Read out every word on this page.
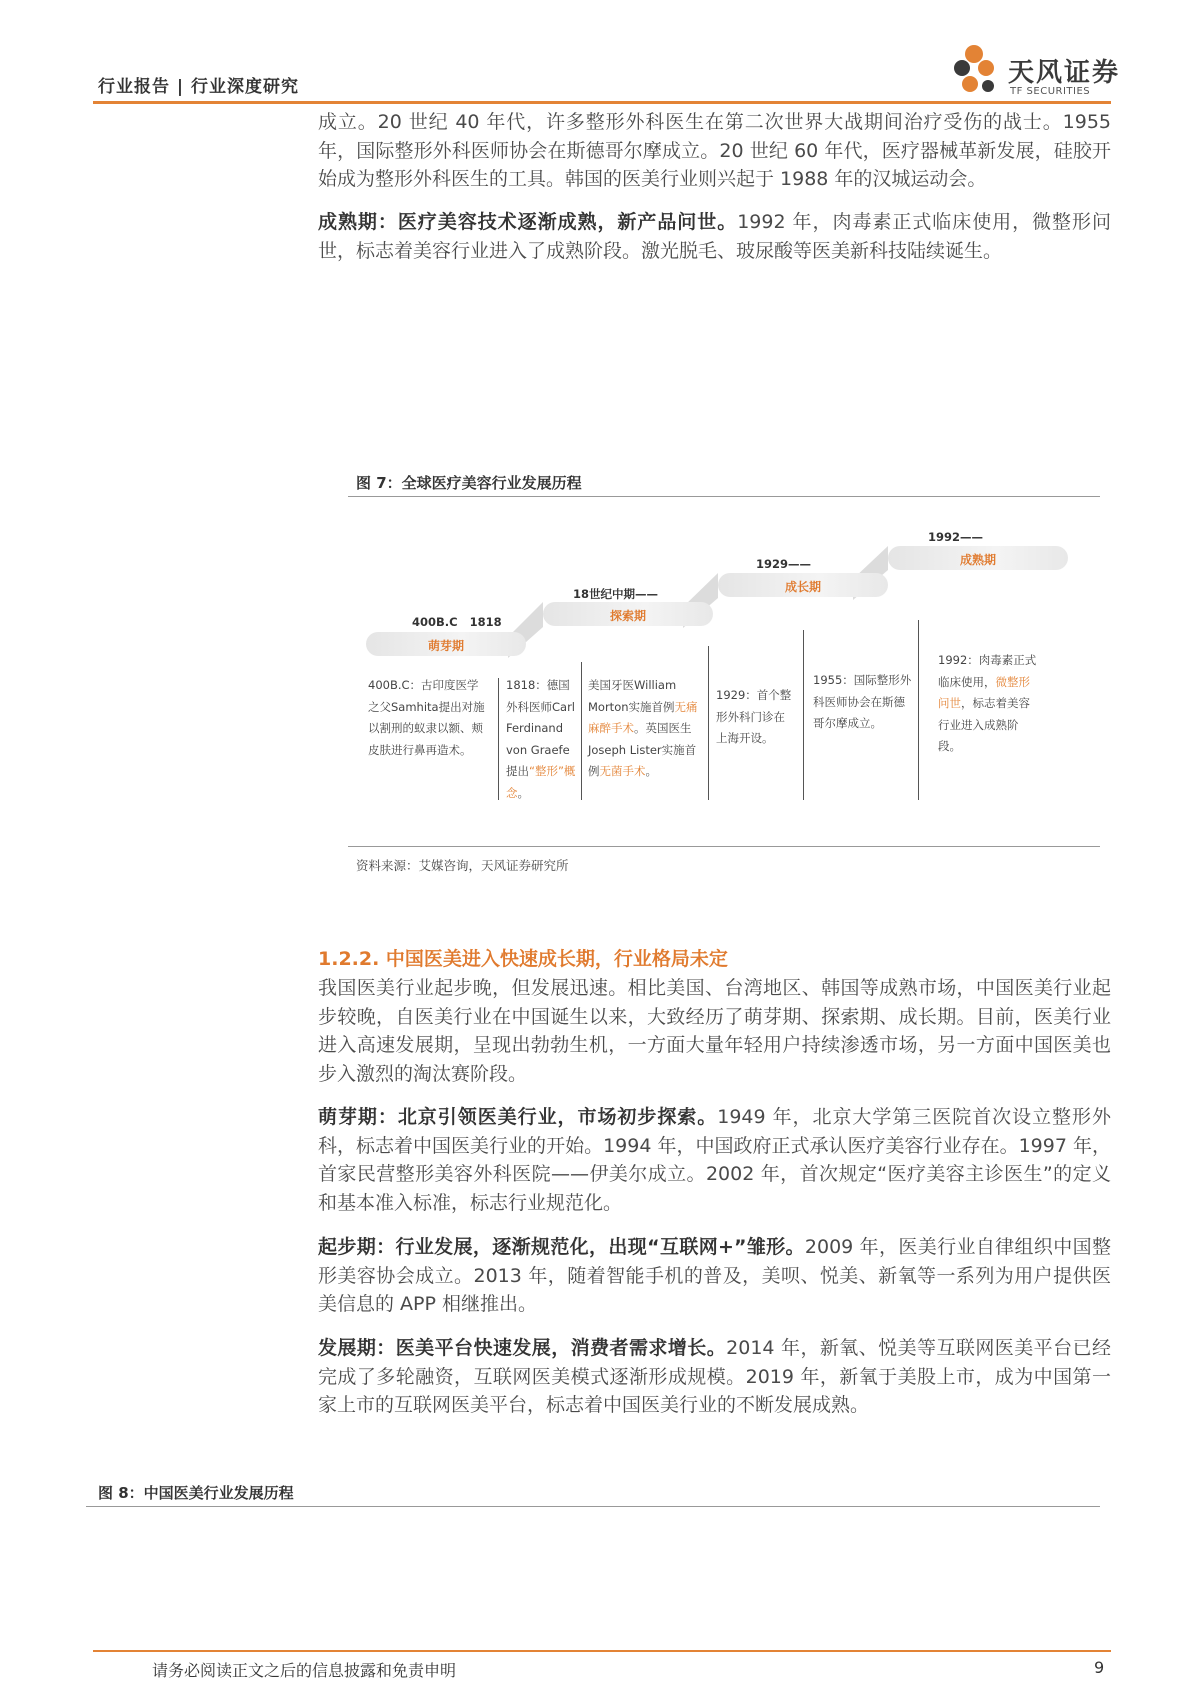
行业报告 | 行业深度研究	天风证券
TF SECURITIES
成立。20 世纪 40 年代，许多整形外科医生在第二次世界大战期间治疗受伤的战士。1955 年，国际整形外科医师协会在斯德哥尔摩成立。20 世纪 60 年代，医疗器械革新发展，硅胶开始成为整形外科医生的工具。韩国的医美行业则兴起于 1988 年的汉城运动会。
成熟期：医疗美容技术逐渐成熟，新产品问世。1992 年，肉毒素正式临床使用，微整形问世，标志着美容行业进入了成熟阶段。激光脱毛、玻尿酸等医美新科技陆续诞生。
图 7：全球医疗美容行业发展历程
400B.C   1818
萌芽期
18世纪中期——
探索期
1929——
成长期
1992——
成熟期
400B.C：古印度医学之父Samhita提出对施以割刑的蚁隶以额、颊皮肤进行鼻再造术。
1818：德国外科医师Carl Ferdinand von Graefe提出“整形”概念。
美国牙医William Morton实施首例无痛麻醉手术。英国医生Joseph Lister实施首例无菌手术。
1929：首个整形外科门诊在上海开设。
1955：国际整形外科医师协会在斯德哥尔摩成立。
1992：肉毒素正式临床使用，微整形问世，标志着美容行业进入成熟阶段。
资料来源：艾媒咨询，天风证券研究所
1.2.2. 中国医美进入快速成长期，行业格局未定
我国医美行业起步晚，但发展迅速。相比美国、台湾地区、韩国等成熟市场，中国医美行业起步较晚，自医美行业在中国诞生以来，大致经历了萌芽期、探索期、成长期。目前，医美行业进入高速发展期，呈现出勃勃生机，一方面大量年轻用户持续渗透市场，另一方面中国医美也步入激烈的淘汰赛阶段。
萌芽期：北京引领医美行业，市场初步探索。1949 年，北京大学第三医院首次设立整形外科，标志着中国医美行业的开始。1994 年，中国政府正式承认医疗美容行业存在。1997 年，首家民营整形美容外科医院——伊美尔成立。2002 年，首次规定“医疗美容主诊医生”的定义和基本准入标准，标志行业规范化。
起步期：行业发展，逐渐规范化，出现“互联网+”雏形。2009 年，医美行业自律组织中国整形美容协会成立。2013 年，随着智能手机的普及，美呗、悦美、新氧等一系列为用户提供医美信息的 APP 相继推出。
发展期：医美平台快速发展，消费者需求增长。2014 年，新氧、悦美等互联网医美平台已经完成了多轮融资，互联网医美模式逐渐形成规模。2019 年，新氧于美股上市，成为中国第一家上市的互联网医美平台，标志着中国医美行业的不断发展成熟。
图 8：中国医美行业发展历程
请务必阅读正文之后的信息披露和免责申明	9
